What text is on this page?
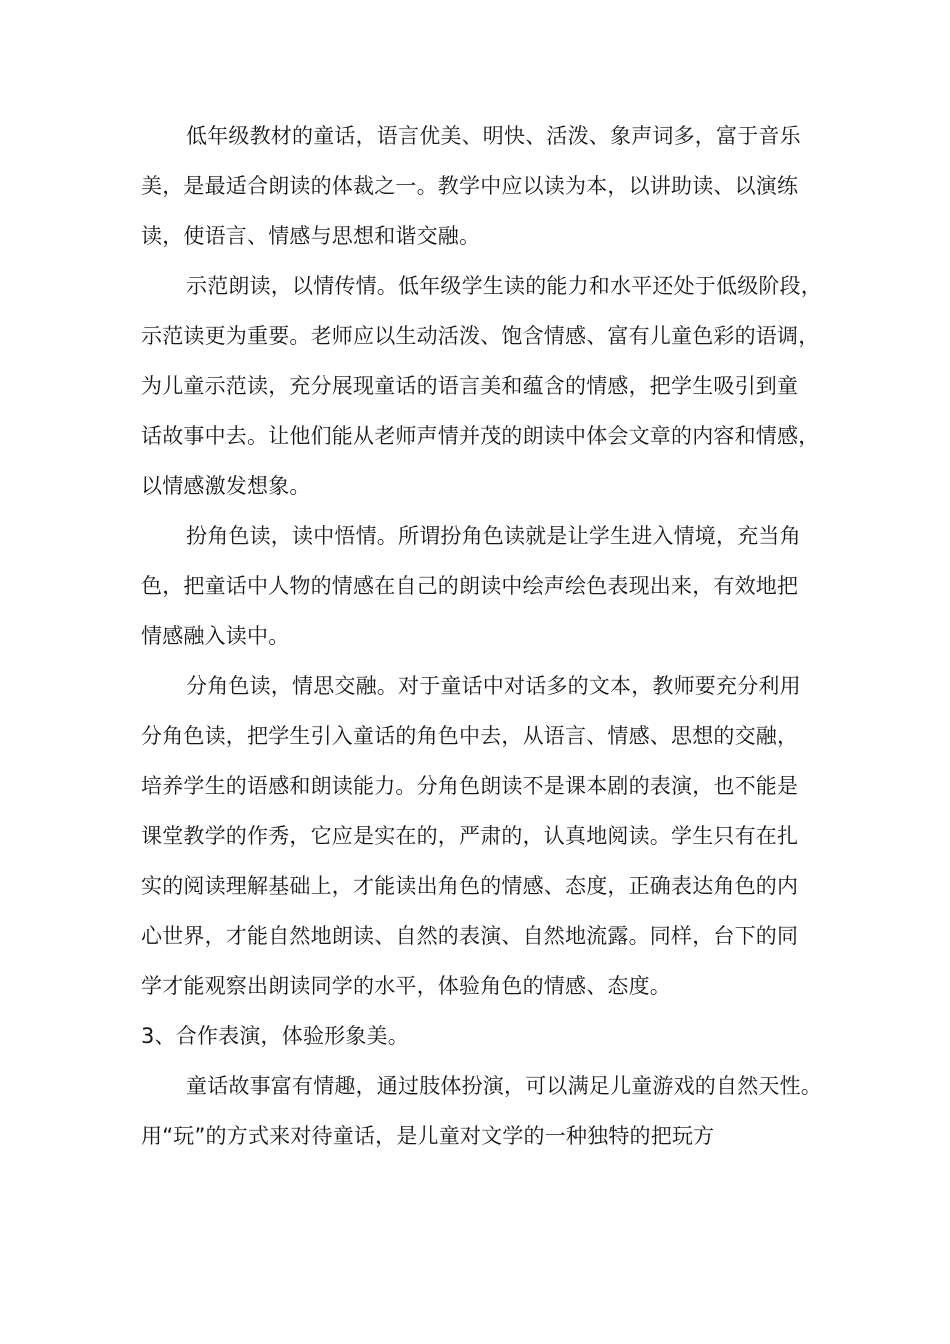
低年级教材的童话，语言优美、明快、活泼、象声词多，富于音乐

美，是最适合朗读的体裁之一。教学中应以读为本，以讲助读、以演练

读，使语言、情感与思想和谐交融。

示范朗读，以情传情。低年级学生读的能力和水平还处于低级阶段，

示范读更为重要。老师应以生动活泼、饱含情感、富有儿童色彩的语调，

为儿童示范读，充分展现童话的语言美和蕴含的情感，把学生吸引到童

话故事中去。让他们能从老师声情并茂的朗读中体会文章的内容和情感，

以情感激发想象。

扮角色读，读中悟情。所谓扮角色读就是让学生进入情境，充当角

色，把童话中人物的情感在自己的朗读中绘声绘色表现出来，有效地把

情感融入读中。

分角色读，情思交融。对于童话中对话多的文本，教师要充分利用

分角色读，把学生引入童话的角色中去，从语言、情感、思想的交融，

培养学生的语感和朗读能力。分角色朗读不是课本剧的表演，也不能是

课堂教学的作秀，它应是实在的，严肃的，认真地阅读。学生只有在扎

实的阅读理解基础上，才能读出角色的情感、态度，正确表达角色的内

心世界，才能自然地朗读、自然的表演、自然地流露。同样，台下的同

学才能观察出朗读同学的水平，体验角色的情感、态度。

3、合作表演，体验形象美。

童话故事富有情趣，通过肢体扮演，可以满足儿童游戏的自然天性。

用“玩”的方式来对待童话，是儿童对文学的一种独特的把玩方
